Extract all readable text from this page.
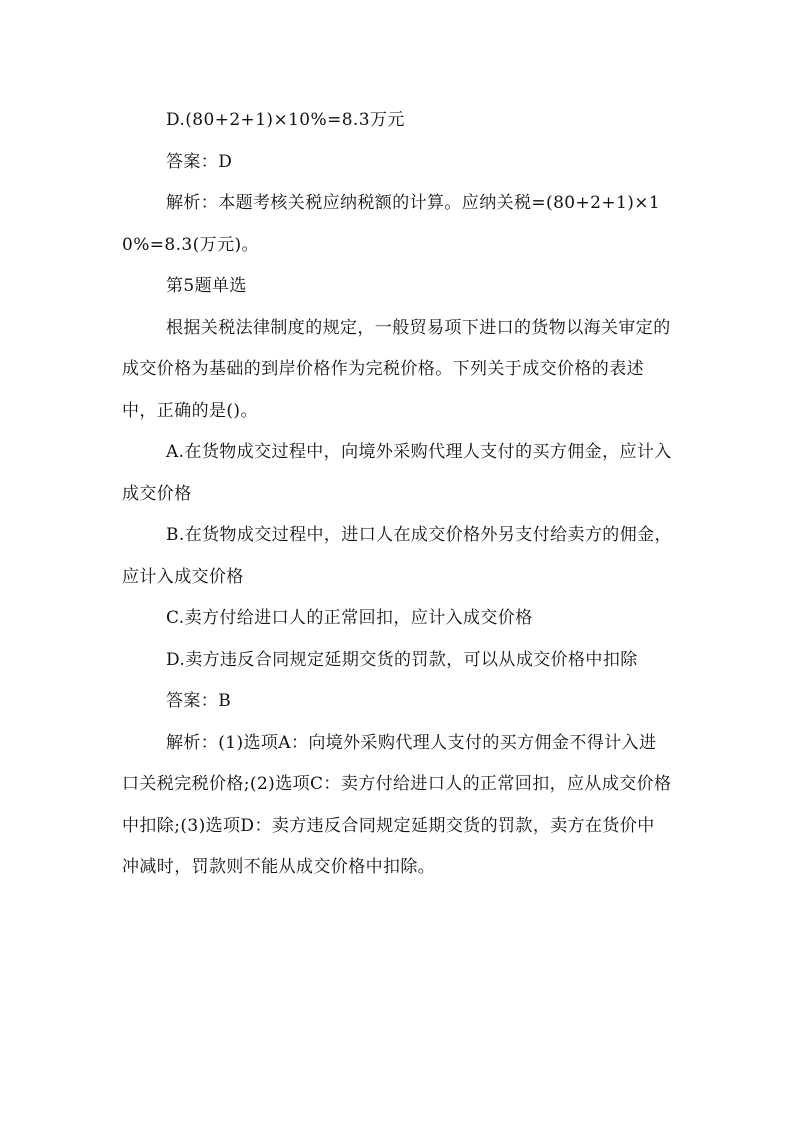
D.(80+2+1)×10%=8.3万元

答案：D

解析：本题考核关税应纳税额的计算。应纳关税=(80+2+1)×10%=8.3(万元)。

第5题单选

根据关税法律制度的规定，一般贸易项下进口的货物以海关审定的成交价格为基础的到岸价格作为完税价格。下列关于成交价格的表述中，正确的是()。

A.在货物成交过程中，向境外采购代理人支付的买方佣金，应计入成交价格

B.在货物成交过程中，进口人在成交价格外另支付给卖方的佣金，应计入成交价格

C.卖方付给进口人的正常回扣，应计入成交价格

D.卖方违反合同规定延期交货的罚款，可以从成交价格中扣除

答案：B

解析：(1)选项A：向境外采购代理人支付的买方佣金不得计入进口关税完税价格;(2)选项C：卖方付给进口人的正常回扣，应从成交价格中扣除;(3)选项D：卖方违反合同规定延期交货的罚款，卖方在货价中冲减时，罚款则不能从成交价格中扣除。
